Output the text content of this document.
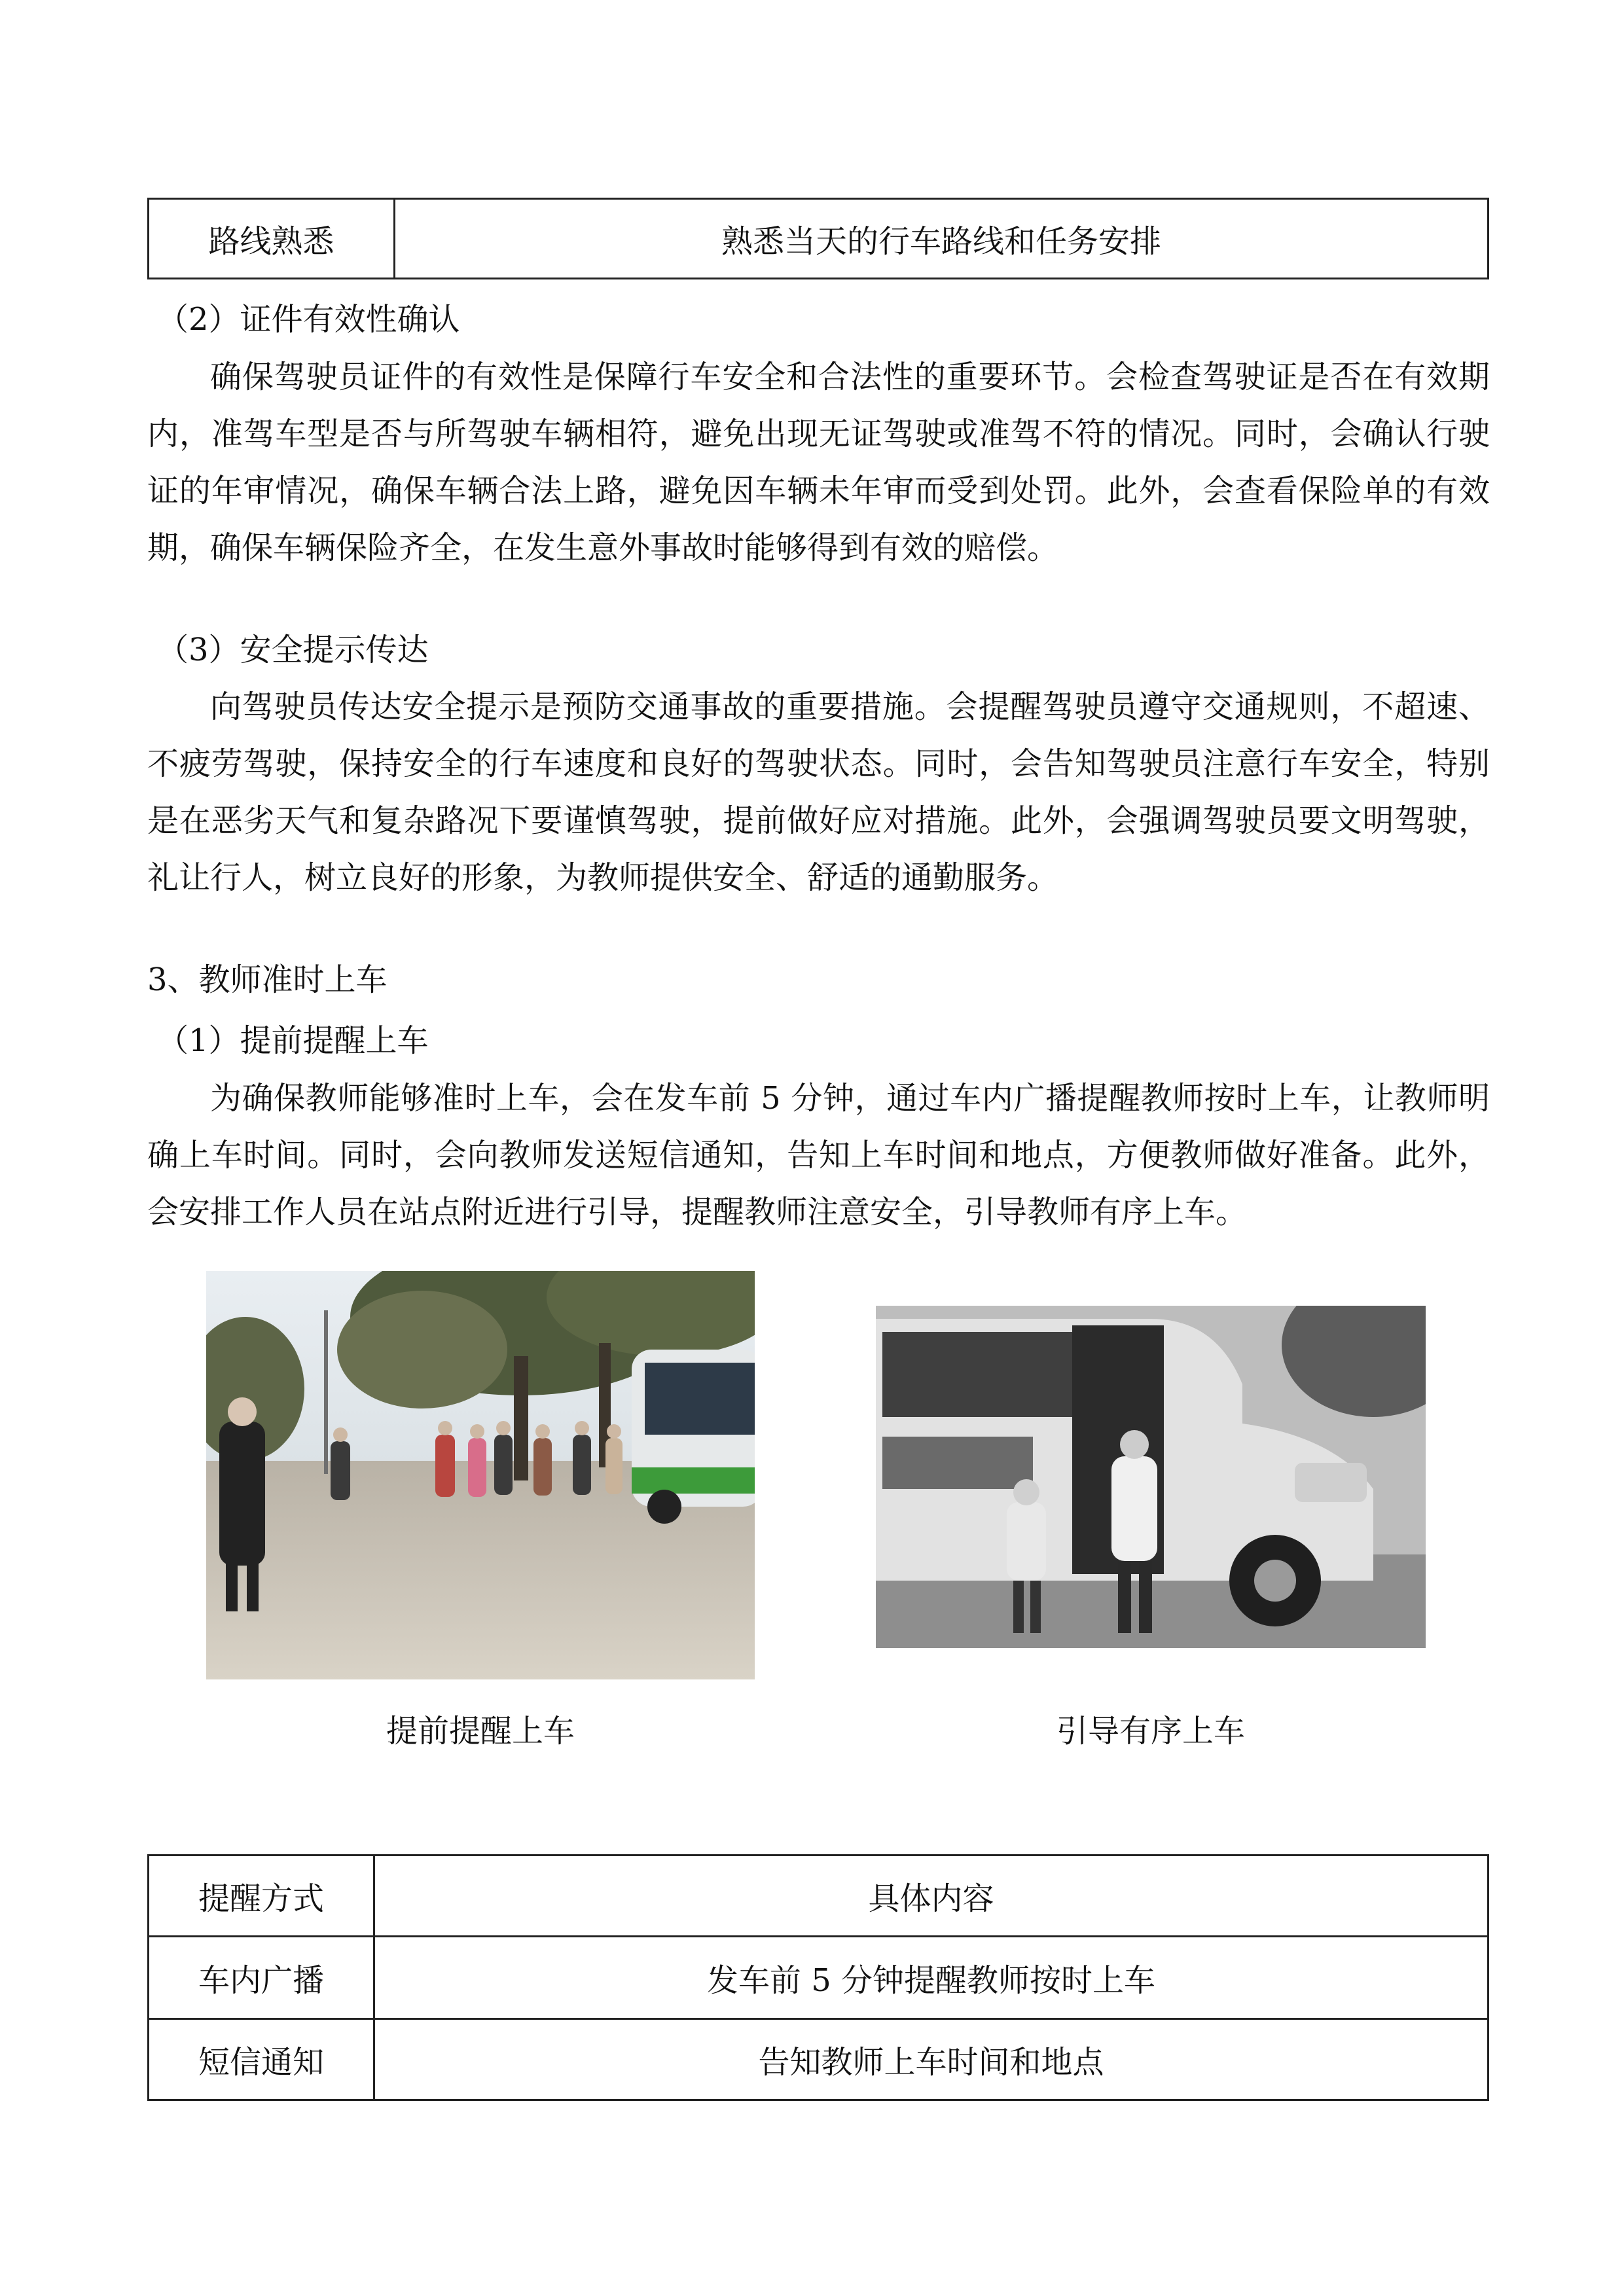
路线熟悉	熟悉当天的行车路线和任务安排
（2）证件有效性确认
确保驾驶员证件的有效性是保障行车安全和合法性的重要环节。会检查驾驶证是否在有效期内，准驾车型是否与所驾驶车辆相符，避免出现无证驾驶或准驾不符的情况。同时，会确认行驶证的年审情况，确保车辆合法上路，避免因车辆未年审而受到处罚。此外，会查看保险单的有效期，确保车辆保险齐全，在发生意外事故时能够得到有效的赔偿。
（3）安全提示传达
向驾驶员传达安全提示是预防交通事故的重要措施。会提醒驾驶员遵守交通规则，不超速、不疲劳驾驶，保持安全的行车速度和良好的驾驶状态。同时，会告知驾驶员注意行车安全，特别是在恶劣天气和复杂路况下要谨慎驾驶，提前做好应对措施。此外，会强调驾驶员要文明驾驶，礼让行人，树立良好的形象，为教师提供安全、舒适的通勤服务。
3、教师准时上车
（1）提前提醒上车
为确保教师能够准时上车，会在发车前 5 分钟，通过车内广播提醒教师按时上车，让教师明确上车时间。同时，会向教师发送短信通知，告知上车时间和地点，方便教师做好准备。此外，会安排工作人员在站点附近进行引导，提醒教师注意安全，引导教师有序上车。
提前提醒上车	引导有序上车
提醒方式	具体内容
车内广播	发车前 5 分钟提醒教师按时上车
短信通知	告知教师上车时间和地点
